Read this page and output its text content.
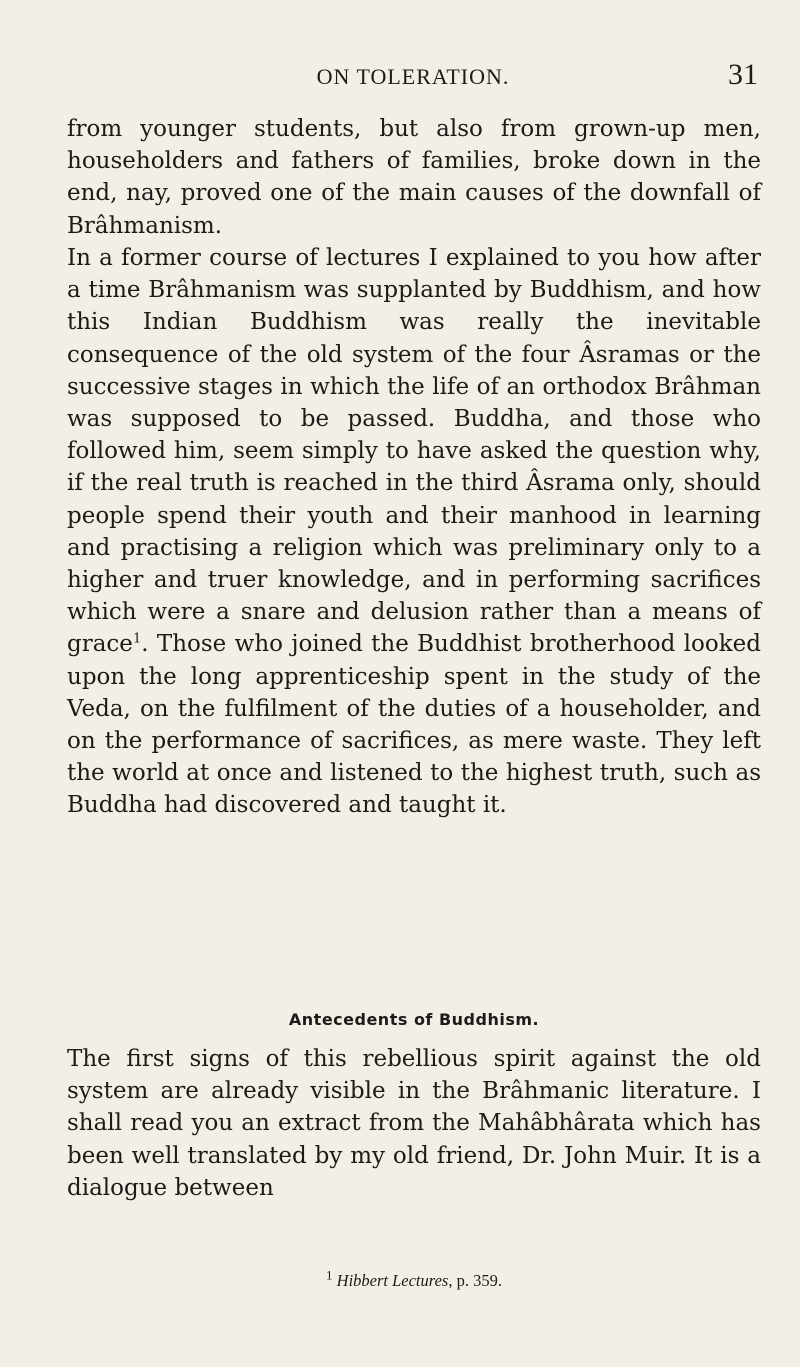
ON TOLERATION.	31

from younger students, but also from grown-up men, householders and fathers of families, broke down in the end, nay, proved one of the main causes of the downfall of Brâhmanism.

In a former course of lectures I explained to you how after a time Brâhmanism was supplanted by Buddhism, and how this Indian Buddhism was really the inevitable consequence of the old system of the four Âsramas or the successive stages in which the life of an orthodox Brâhman was supposed to be passed. Buddha, and those who followed him, seem simply to have asked the question why, if the real truth is reached in the third Âsrama only, should people spend their youth and their manhood in learning and practising a religion which was preliminary only to a higher and truer knowledge, and in performing sacrifices which were a snare and delusion rather than a means of grace$^1$. Those who joined the Buddhist brotherhood looked upon the long apprenticeship spent in the study of the Veda, on the fulfilment of the duties of a householder, and on the performance of sacrifices, as mere waste. They left the world at once and listened to the highest truth, such as Buddha had discovered and taught it.

Antecedents of Buddhism.

The first signs of this rebellious spirit against the old system are already visible in the Brâhmanic literature. I shall read you an extract from the Mahâbhârata which has been well translated by my old friend, Dr. John Muir. It is a dialogue between

$^1$ Hibbert Lectures, p. 359.
